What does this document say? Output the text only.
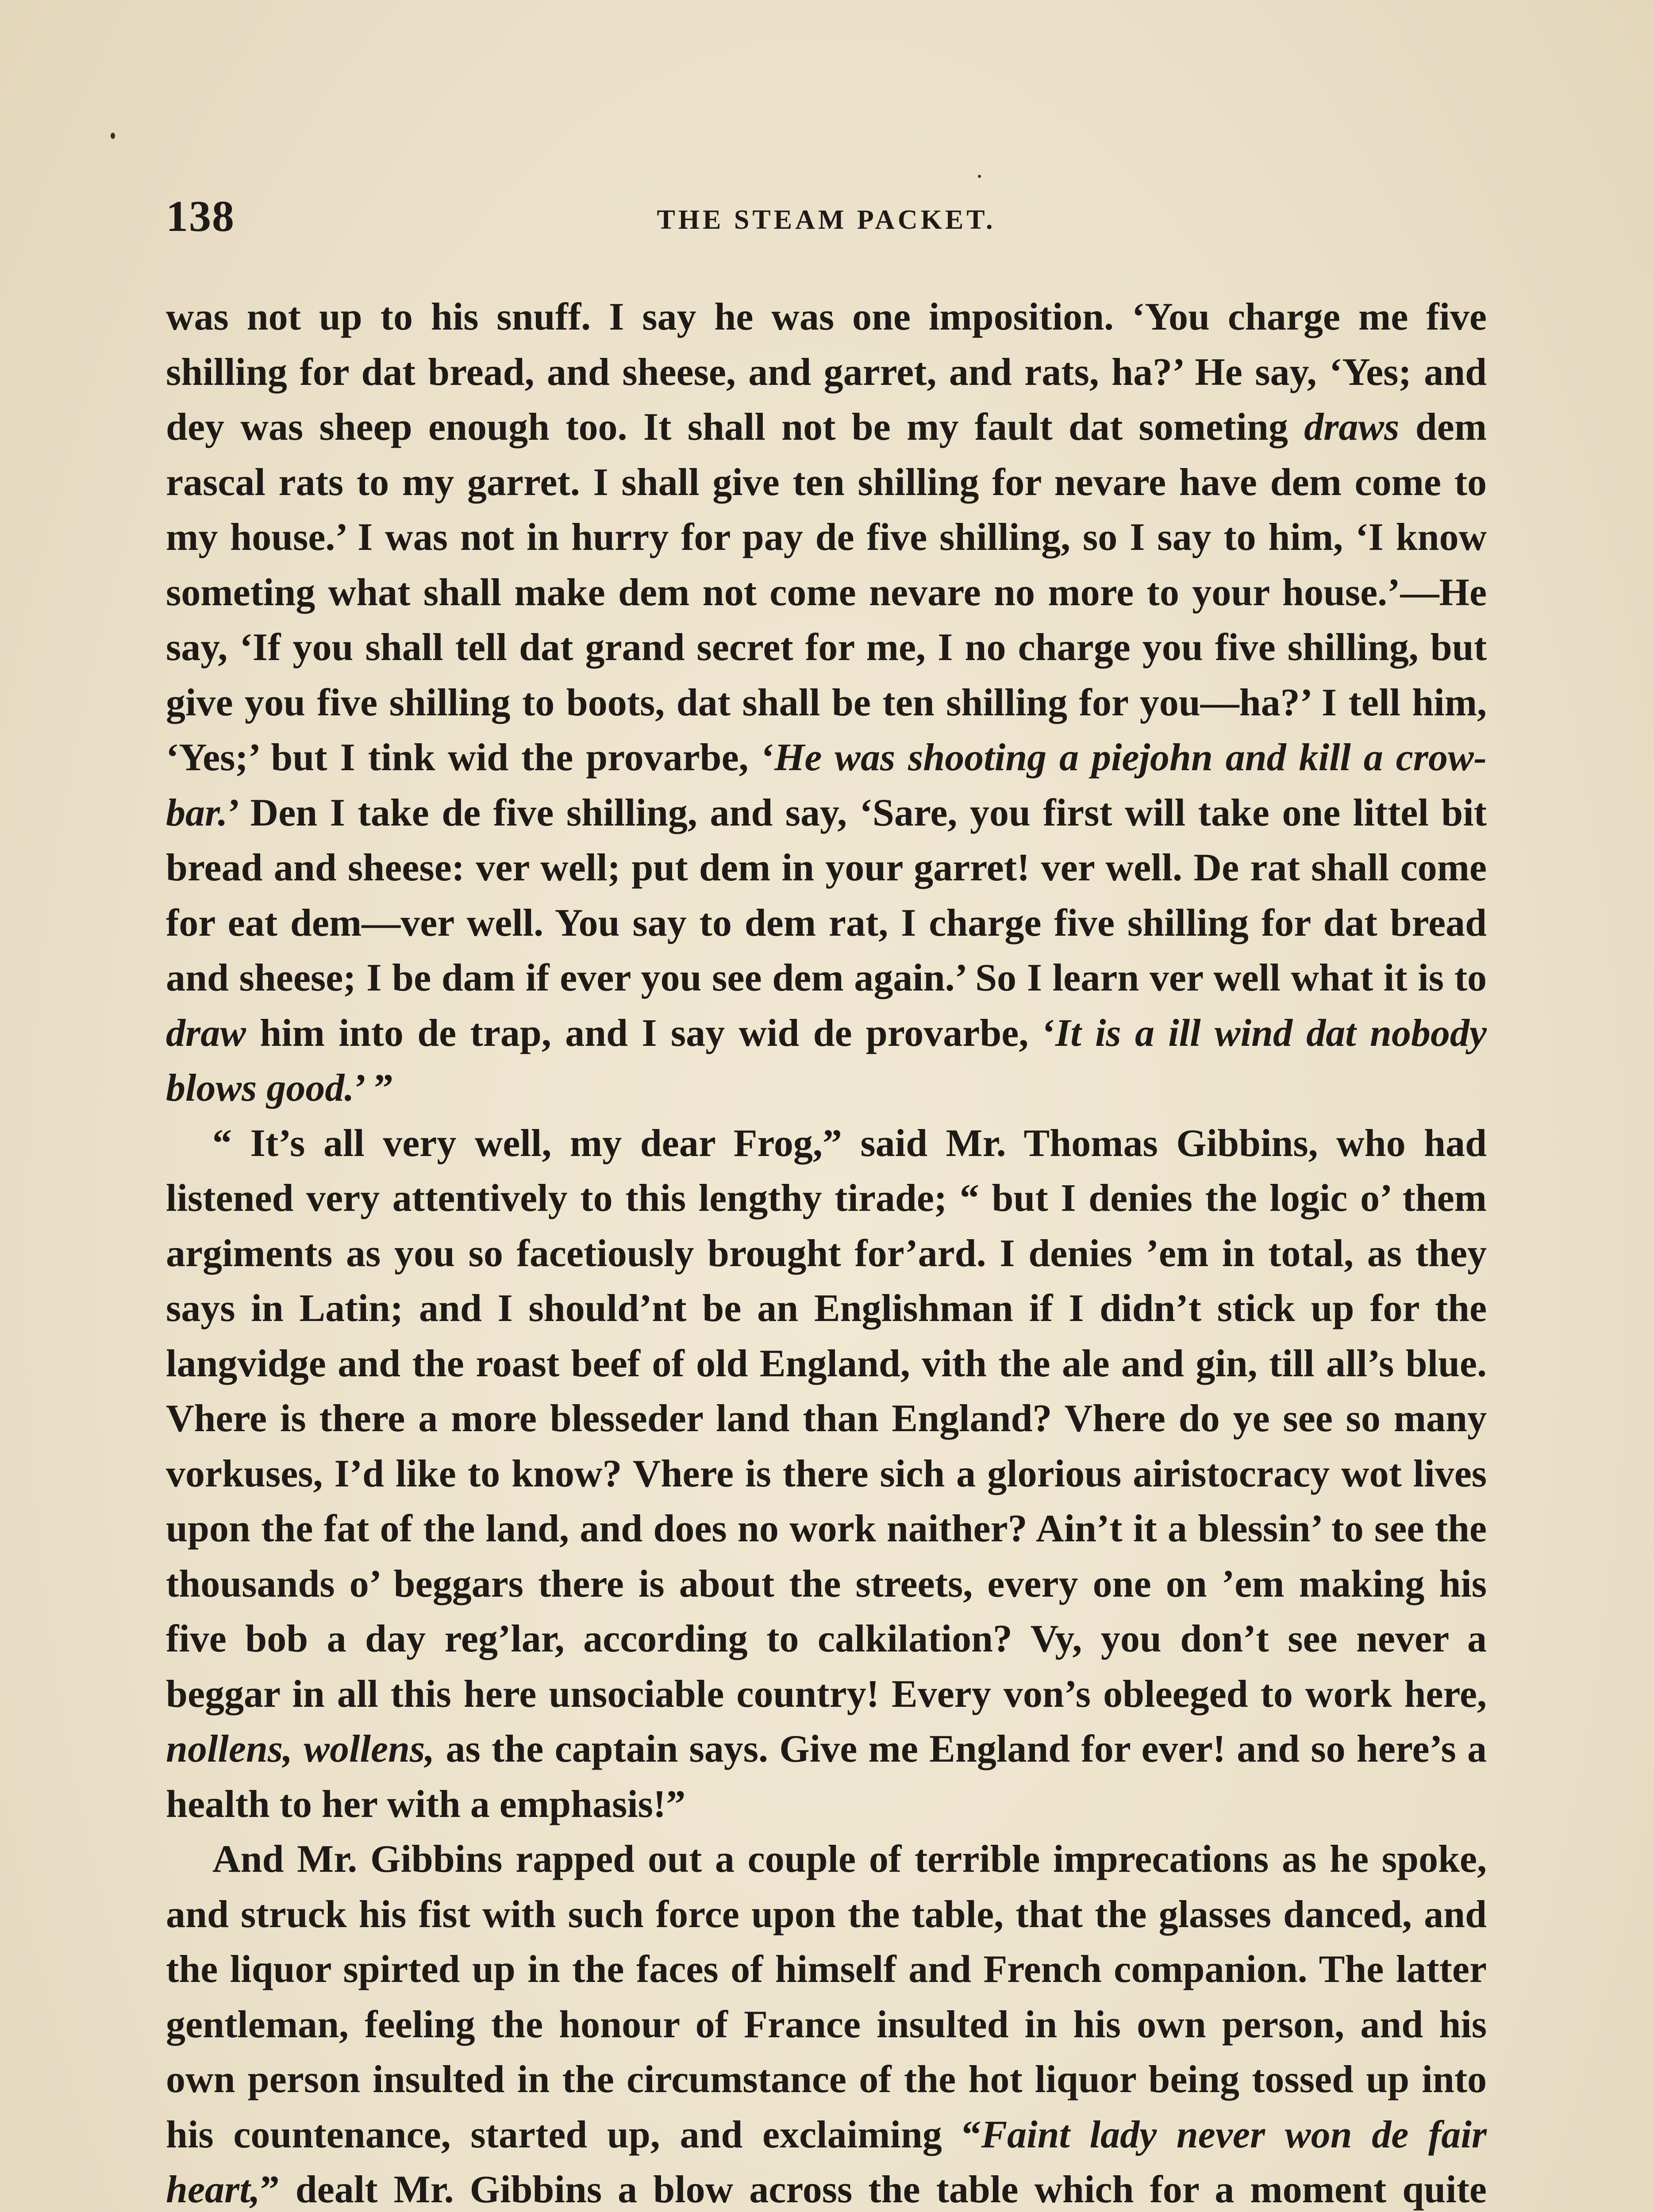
138	THE STEAM PACKET.

was not up to his snuff. I say he was one imposition. ‘You charge me five shilling for dat bread, and sheese, and garret, and rats, ha?’ He say, ‘Yes; and dey was sheep enough too. It shall not be my fault dat someting draws dem rascal rats to my garret. I shall give ten shilling for nevare have dem come to my house.’ I was not in hurry for pay de five shilling, so I say to him, ‘I know someting what shall make dem not come nevare no more to your house.’—He say, ‘If you shall tell dat grand secret for me, I no charge you five shilling, but give you five shilling to boots, dat shall be ten shilling for you—ha?’ I tell him, ‘Yes;’ but I tink wid the provarbe, ‘He was shooting a piejohn and kill a crow-bar.’ Den I take de five shilling, and say, ‘Sare, you first will take one littel bit bread and sheese: ver well; put dem in your garret! ver well. De rat shall come for eat dem—ver well. You say to dem rat, I charge five shilling for dat bread and sheese; I be dam if ever you see dem again.’ So I learn ver well what it is to draw him into de trap, and I say wid de provarbe, ‘It is a ill wind dat nobody blows good.’ ”

“ It’s all very well, my dear Frog,” said Mr. Thomas Gibbins, who had listened very attentively to this lengthy tirade; “ but I denies the logic o’ them argiments as you so facetiously brought for’ard. I denies ’em in total, as they says in Latin; and I should’nt be an Englishman if I didn’t stick up for the langvidge and the roast beef of old England, vith the ale and gin, till all’s blue. Vhere is there a more blesseder land than England? Vhere do ye see so many vorkuses, I’d like to know? Vhere is there sich a glorious airistocracy wot lives upon the fat of the land, and does no work naither? Ain’t it a blessin’ to see the thousands o’ beggars there is about the streets, every one on ’em making his five bob a day reg’lar, according to calkilation? Vy, you don’t see never a beggar in all this here unsociable country! Every von’s obleeged to work here, nollens, wollens, as the captain says. Give me England for ever! and so here’s a health to her with a emphasis!”

And Mr. Gibbins rapped out a couple of terrible imprecations as he spoke, and struck his fist with such force upon the table, that the glasses danced, and the liquor spirted up in the faces of himself and French companion. The latter gentleman, feeling the honour of France insulted in his own person, and his own person insulted in the circumstance of the hot liquor being tossed up into his countenance, started up, and exclaiming “Faint lady never won de fair heart,” dealt Mr. Gibbins a blow across the table which for a moment quite
